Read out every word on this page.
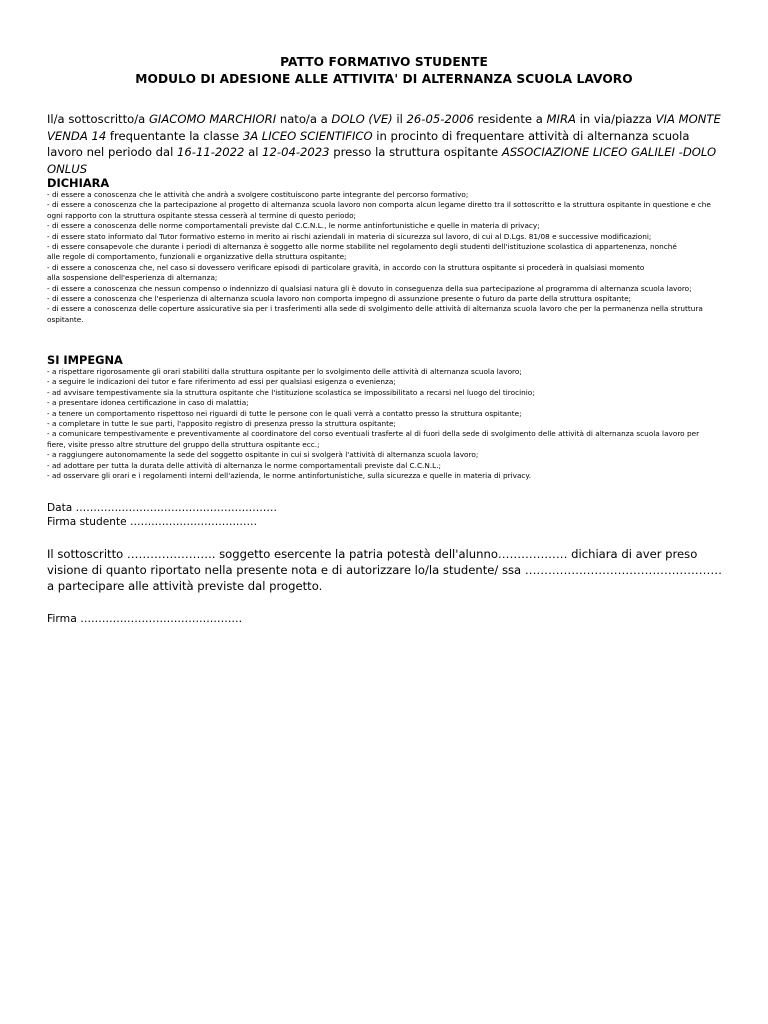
PATTO FORMATIVO STUDENTE
MODULO DI ADESIONE ALLE ATTIVITA' DI ALTERNANZA SCUOLA LAVORO
Il/a sottoscritto/a GIACOMO MARCHIORI nato/a a DOLO (VE) il 26-05-2006 residente a MIRA in via/piazza VIA MONTE VENDA 14 frequentante la classe 3A LICEO SCIENTIFICO in procinto di frequentare attività di alternanza scuola lavoro nel periodo dal 16-11-2022 al 12-04-2023 presso la struttura ospitante ASSOCIAZIONE LICEO GALILEI -DOLO ONLUS
DICHIARA
- di essere a conoscenza che le attività che andrà a svolgere costituiscono parte integrante del percorso formativo;
- di essere a conoscenza che la partecipazione al progetto di alternanza scuola lavoro non comporta alcun legame diretto tra il sottoscritto e la struttura ospitante in questione e che ogni rapporto con la struttura ospitante stessa cesserà al termine di questo periodo;
- di essere a conoscenza delle norme comportamentali previste dal C.C.N.L., le norme antinfortunistiche e quelle in materia di privacy;
- di essere stato informato dal Tutor formativo esterno in merito ai rischi aziendali in materia di sicurezza sul lavoro, di cui al D.Lgs. 81/08 e successive modificazioni;
- di essere consapevole che durante i periodi di alternanza è soggetto alle norme stabilite nel regolamento degli studenti dell'istituzione scolastica di appartenenza, nonché
alle regole di comportamento, funzionali e organizzative della struttura ospitante;
- di essere a conoscenza che, nel caso si dovessero verificare episodi di particolare gravità, in accordo con la struttura ospitante si procederà in qualsiasi momento
alla sospensione dell'esperienza di alternanza;
- di essere a conoscenza che nessun compenso o indennizzo di qualsiasi natura gli è dovuto in conseguenza della sua partecipazione al programma di alternanza scuola lavoro;
- di essere a conoscenza che l'esperienza di alternanza scuola lavoro non comporta impegno di assunzione presente o futuro da parte della struttura ospitante;
- di essere a conoscenza delle coperture assicurative sia per i trasferimenti alla sede di svolgimento delle attività di alternanza scuola lavoro che per la permanenza nella struttura ospitante.
SI IMPEGNA
- a rispettare rigorosamente gli orari stabiliti dalla struttura ospitante per lo svolgimento delle attività di alternanza scuola lavoro;
- a seguire le indicazioni dei tutor e fare riferimento ad essi per qualsiasi esigenza o evenienza;
- ad avvisare tempestivamente sia la struttura ospitante che l'istituzione scolastica se impossibilitato a recarsi nel luogo del tirocinio;
- a presentare idonea certificazione in caso di malattia;
- a tenere un comportamento rispettoso nei riguardi di tutte le persone con le quali verrà a contatto presso la struttura ospitante;
- a completare in tutte le sue parti, l'apposito registro di presenza presso la struttura ospitante;
- a comunicare tempestivamente e preventivamente al coordinatore del corso eventuali trasferte al di fuori della sede di svolgimento delle attività di alternanza scuola lavoro per fiere, visite presso altre strutture del gruppo della struttura ospitante ecc.;
- a raggiungere autonomamente la sede del soggetto ospitante in cui si svolgerà l'attività di alternanza scuola lavoro;
- ad adottare per tutta la durata delle attività di alternanza le norme comportamentali previste dal C.C.N.L.;
- ad osservare gli orari e i regolamenti interni dell'azienda, le norme antinfortunistiche, sulla sicurezza e quelle in materia di privacy.
Data …………………………………………………
Firma studente ………………………………
Il sottoscritto ………………….. soggetto esercente la patria potestà dell'alunno……………… dichiara di aver preso visione di quanto riportato nella presente nota e di autorizzare lo/la studente/ ssa …………………………………………… a partecipare alle attività previste dal progetto.
Firma ………………………………………
